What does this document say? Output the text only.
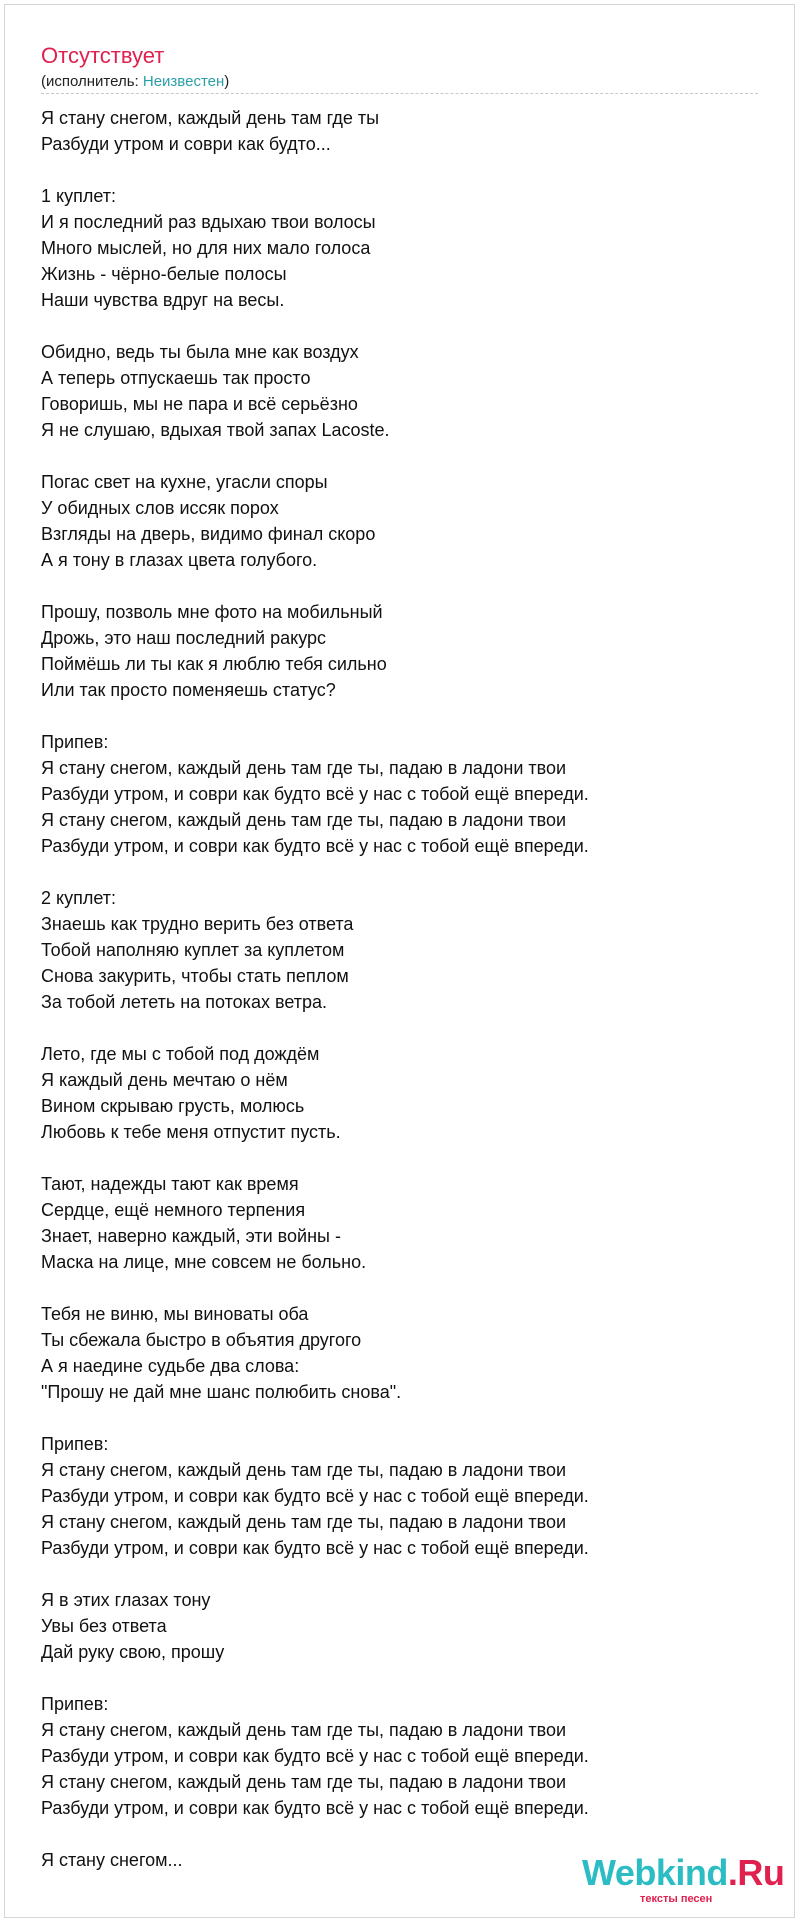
Отсутствует
(исполнитель: Неизвестен)
Я стану снегом, каждый день там где ты
Разбуди утром и соври как будто...
1 куплет:
И я последний раз вдыхаю твои волосы
Много мыслей, но для них мало голоса
Жизнь - чёрно-белые полосы
Наши чувства вдруг на весы.
Обидно, ведь ты была мне как воздух
А теперь отпускаешь так просто
Говоришь, мы не пара и всё серьёзно
Я не слушаю, вдыхая твой запах Lacoste.
Погас свет на кухне, угасли споры
У обидных слов иссяк порох
Взгляды на дверь, видимо финал скоро
А я тону в глазах цвета голубого.
Прошу, позволь мне фото на мобильный
Дрожь, это наш последний ракурс
Поймёшь ли ты как я люблю тебя сильно
Или так просто поменяешь статус?
Припев:
Я стану снегом, каждый день там где ты, падаю в ладони твои
Разбуди утром, и соври как будто всё у нас с тобой ещё впереди.
Я стану снегом, каждый день там где ты, падаю в ладони твои
Разбуди утром, и соври как будто всё у нас с тобой ещё впереди.
2 куплет:
Знаешь как трудно верить без ответа
Тобой наполняю куплет за куплетом
Снова закурить, чтобы стать пеплом
За тобой лететь на потоках ветра.
Лето, где мы с тобой под дождём
Я каждый день мечтаю о нём
Вином скрываю грусть, молюсь
Любовь к тебе меня отпустит пусть.
Тают, надежды тают как время
Сердце, ещё немного терпения
Знает, наверно каждый, эти войны -
Маска на лице, мне совсем не больно.
Тебя не виню, мы виноваты оба
Ты сбежала быстро в объятия другого
А я наедине судьбе два слова:
"Прошу не дай мне шанс полюбить снова".
Припев:
Я стану снегом, каждый день там где ты, падаю в ладони твои
Разбуди утром, и соври как будто всё у нас с тобой ещё впереди.
Я стану снегом, каждый день там где ты, падаю в ладони твои
Разбуди утром, и соври как будто всё у нас с тобой ещё впереди.
Я в этих глазах тону
Увы без ответа
Дай руку свою, прошу
Припев:
Я стану снегом, каждый день там где ты, падаю в ладони твои
Разбуди утром, и соври как будто всё у нас с тобой ещё впереди.
Я стану снегом, каждый день там где ты, падаю в ладони твои
Разбуди утром, и соври как будто всё у нас с тобой ещё впереди.
Я стану снегом...	Webkind.Ru
тексты песен
